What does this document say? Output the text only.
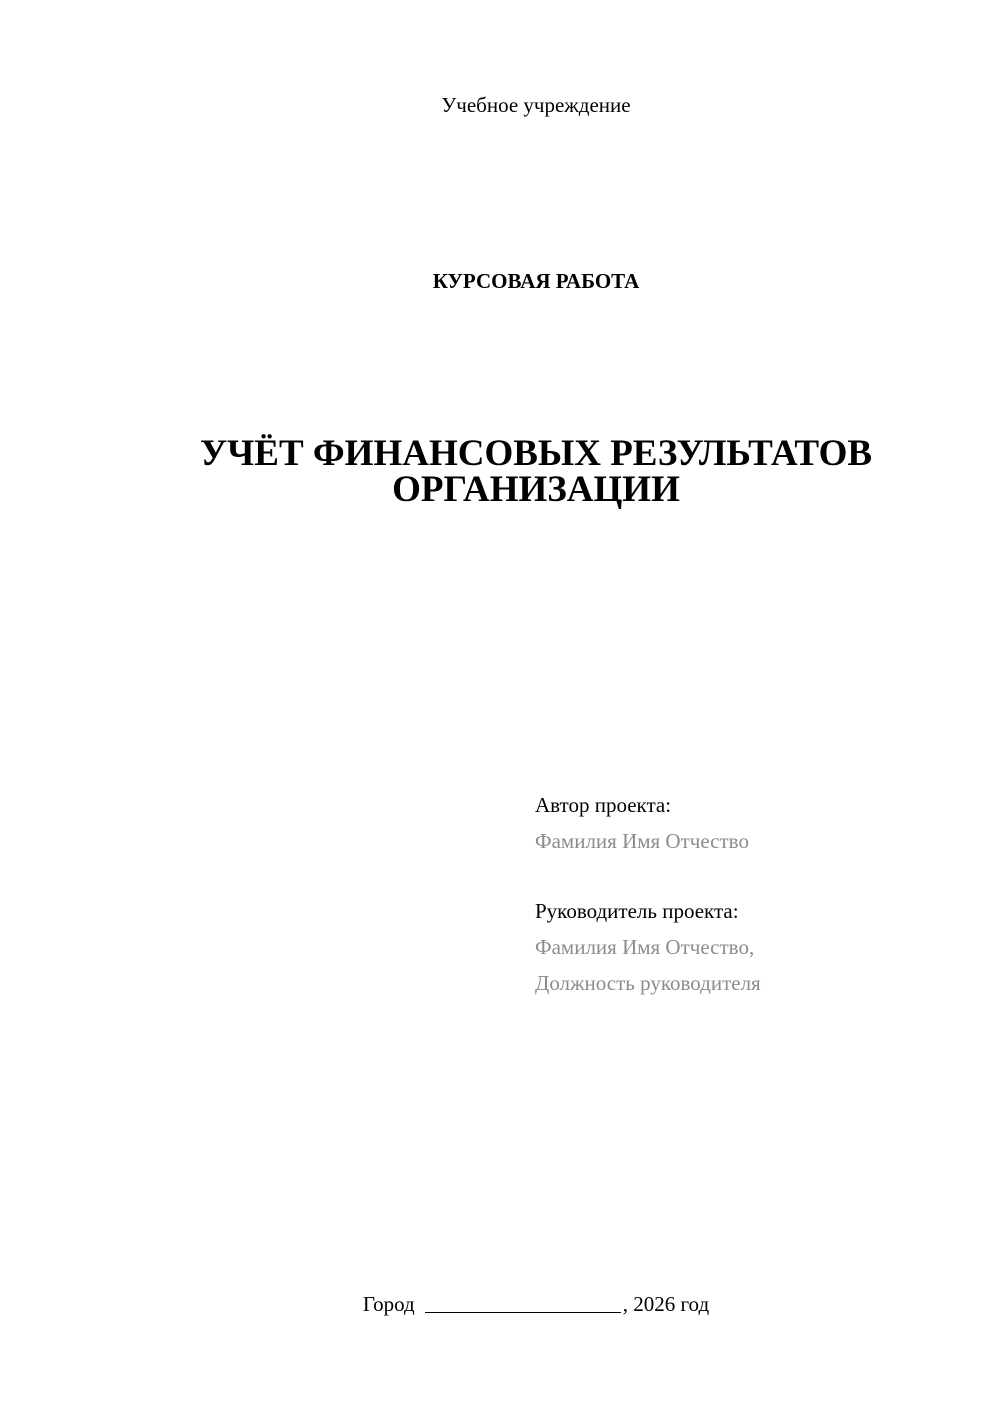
Учебное учреждение
КУРСОВАЯ РАБОТА
УЧЁТ ФИНАНСОВЫХ РЕЗУЛЬТАТОВ
ОРГАНИЗАЦИИ
Автор проекта:
Фамилия Имя Отчество
Руководитель проекта:
Фамилия Имя Отчество,
Должность руководителя
Город	, 2026 год
